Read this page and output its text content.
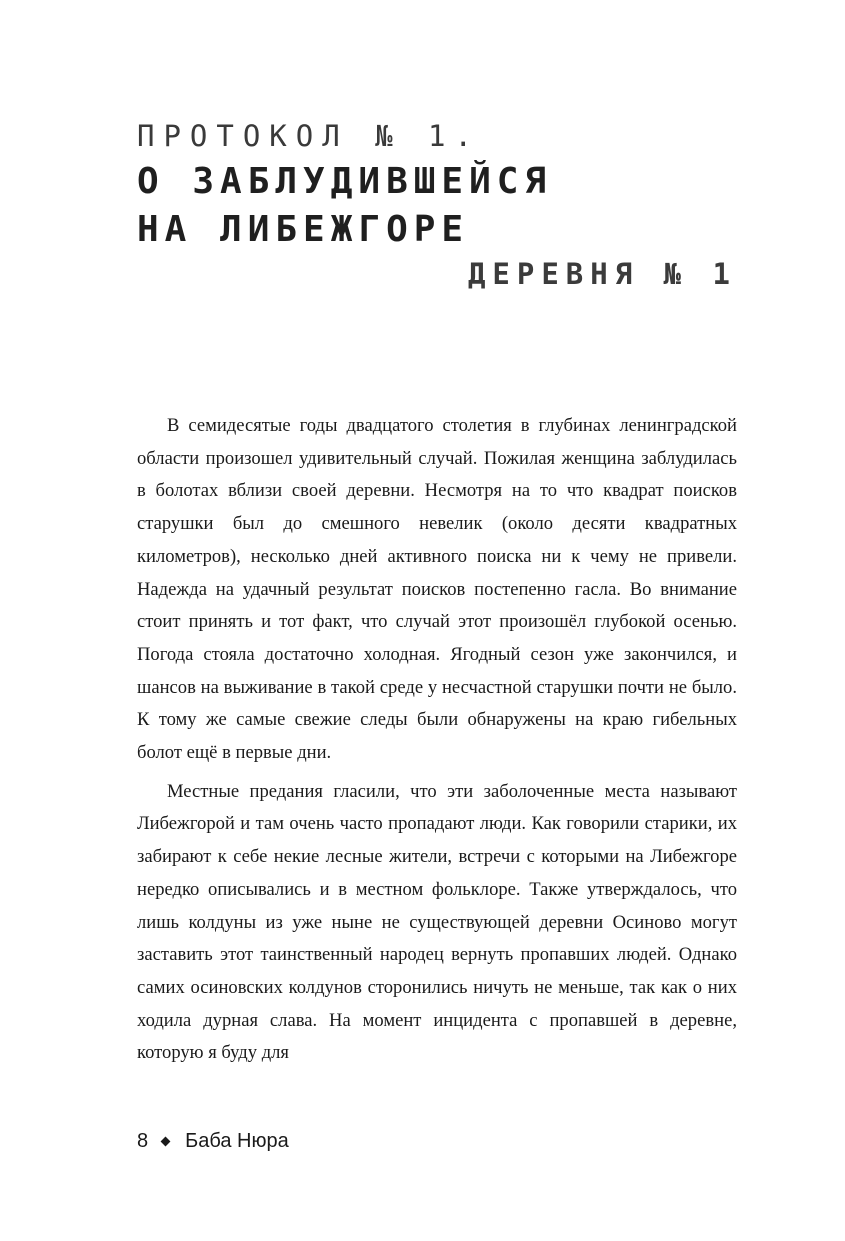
ПРОТОКОЛ № 1.
О ЗАБЛУДИВШЕЙСЯ
НА ЛИБЕЖГОРЕ
ДЕРЕВНЯ № 1

В семидесятые годы двадцатого столетия в глубинах ленинградской области произошел удивительный случай. Пожилая женщина заблудилась в болотах вблизи своей деревни. Несмотря на то что квадрат поисков старушки был до смешного невелик (около десяти квадратных километров), несколько дней активного поиска ни к чему не привели. Надежда на удачный результат поисков постепенно гасла. Во внимание стоит принять и тот факт, что случай этот произошёл глубокой осенью. Погода стояла достаточно холодная. Ягодный сезон уже закончился, и шансов на выживание в такой среде у несчастной старушки почти не было. К тому же самые свежие следы были обнаружены на краю гибельных болот ещё в первые дни.

Местные предания гласили, что эти заболоченные места называют Либежгорой и там очень часто пропадают люди. Как говорили старики, их забирают к себе некие лесные жители, встречи с которыми на Либежгоре нередко описывались и в местном фольклоре. Также утверждалось, что лишь колдуны из уже ныне не существующей деревни Осиново могут заставить этот таинственный народец вернуть пропавших людей. Однако самих осиновских колдунов сторонились ничуть не меньше, так как о них ходила дурная слава. На момент инцидента с пропавшей в деревне, которую я буду для

8 Баба Нюра
